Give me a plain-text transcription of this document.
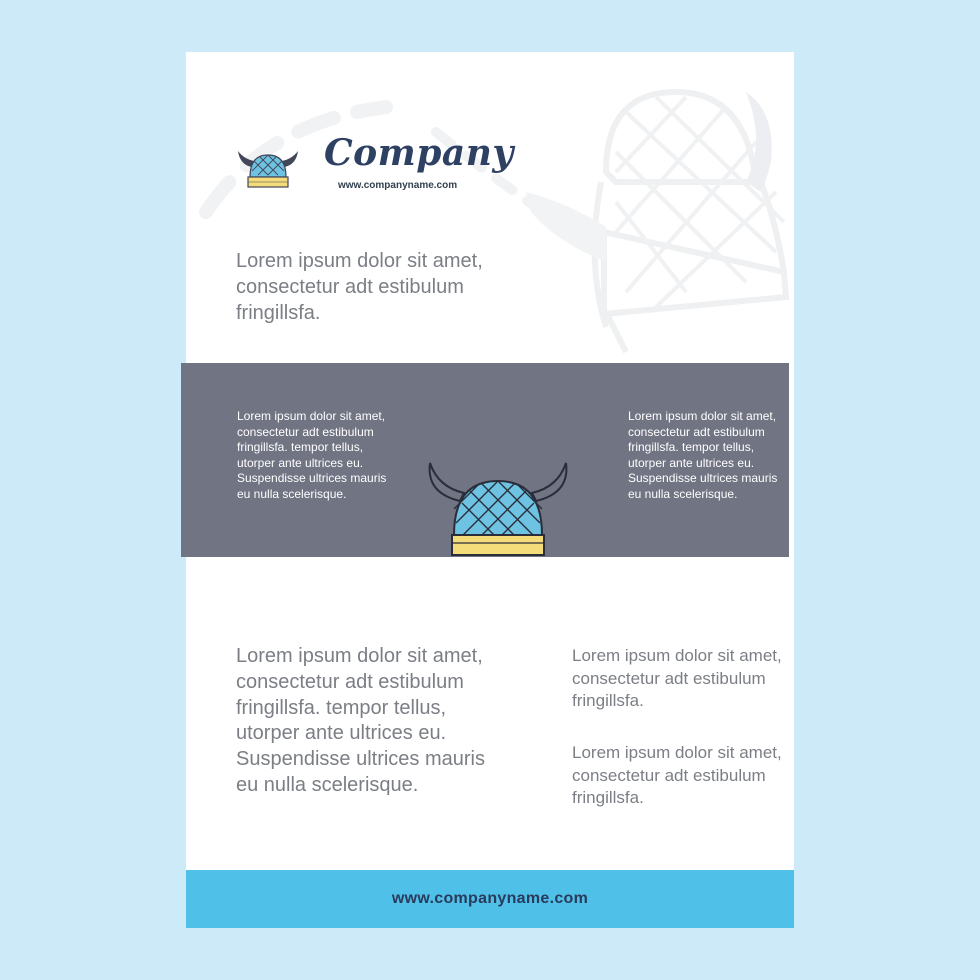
Company
www.companyname.com
Lorem ipsum dolor sit amet, consectetur adt estibulum fringillsfa.
Lorem ipsum dolor sit amet, consectetur adt estibulum fringillsfa. tempor tellus, utorper ante ultrices eu. Suspendisse ultrices mauris eu nulla scelerisque.
Lorem ipsum dolor sit amet, consectetur adt estibulum fringillsfa.
Lorem ipsum dolor sit amet, consectetur adt estibulum fringillsfa.
www.companyname.com
Lorem ipsum dolor sit amet, consectetur adt estibulum fringillsfa. tempor tellus, utorper ante ultrices eu. Suspendisse ultrices mauris eu nulla scelerisque.
Lorem ipsum dolor sit amet, consectetur adt estibulum fringillsfa. tempor tellus, utorper ante ultrices eu. Suspendisse ultrices mauris eu nulla scelerisque.
